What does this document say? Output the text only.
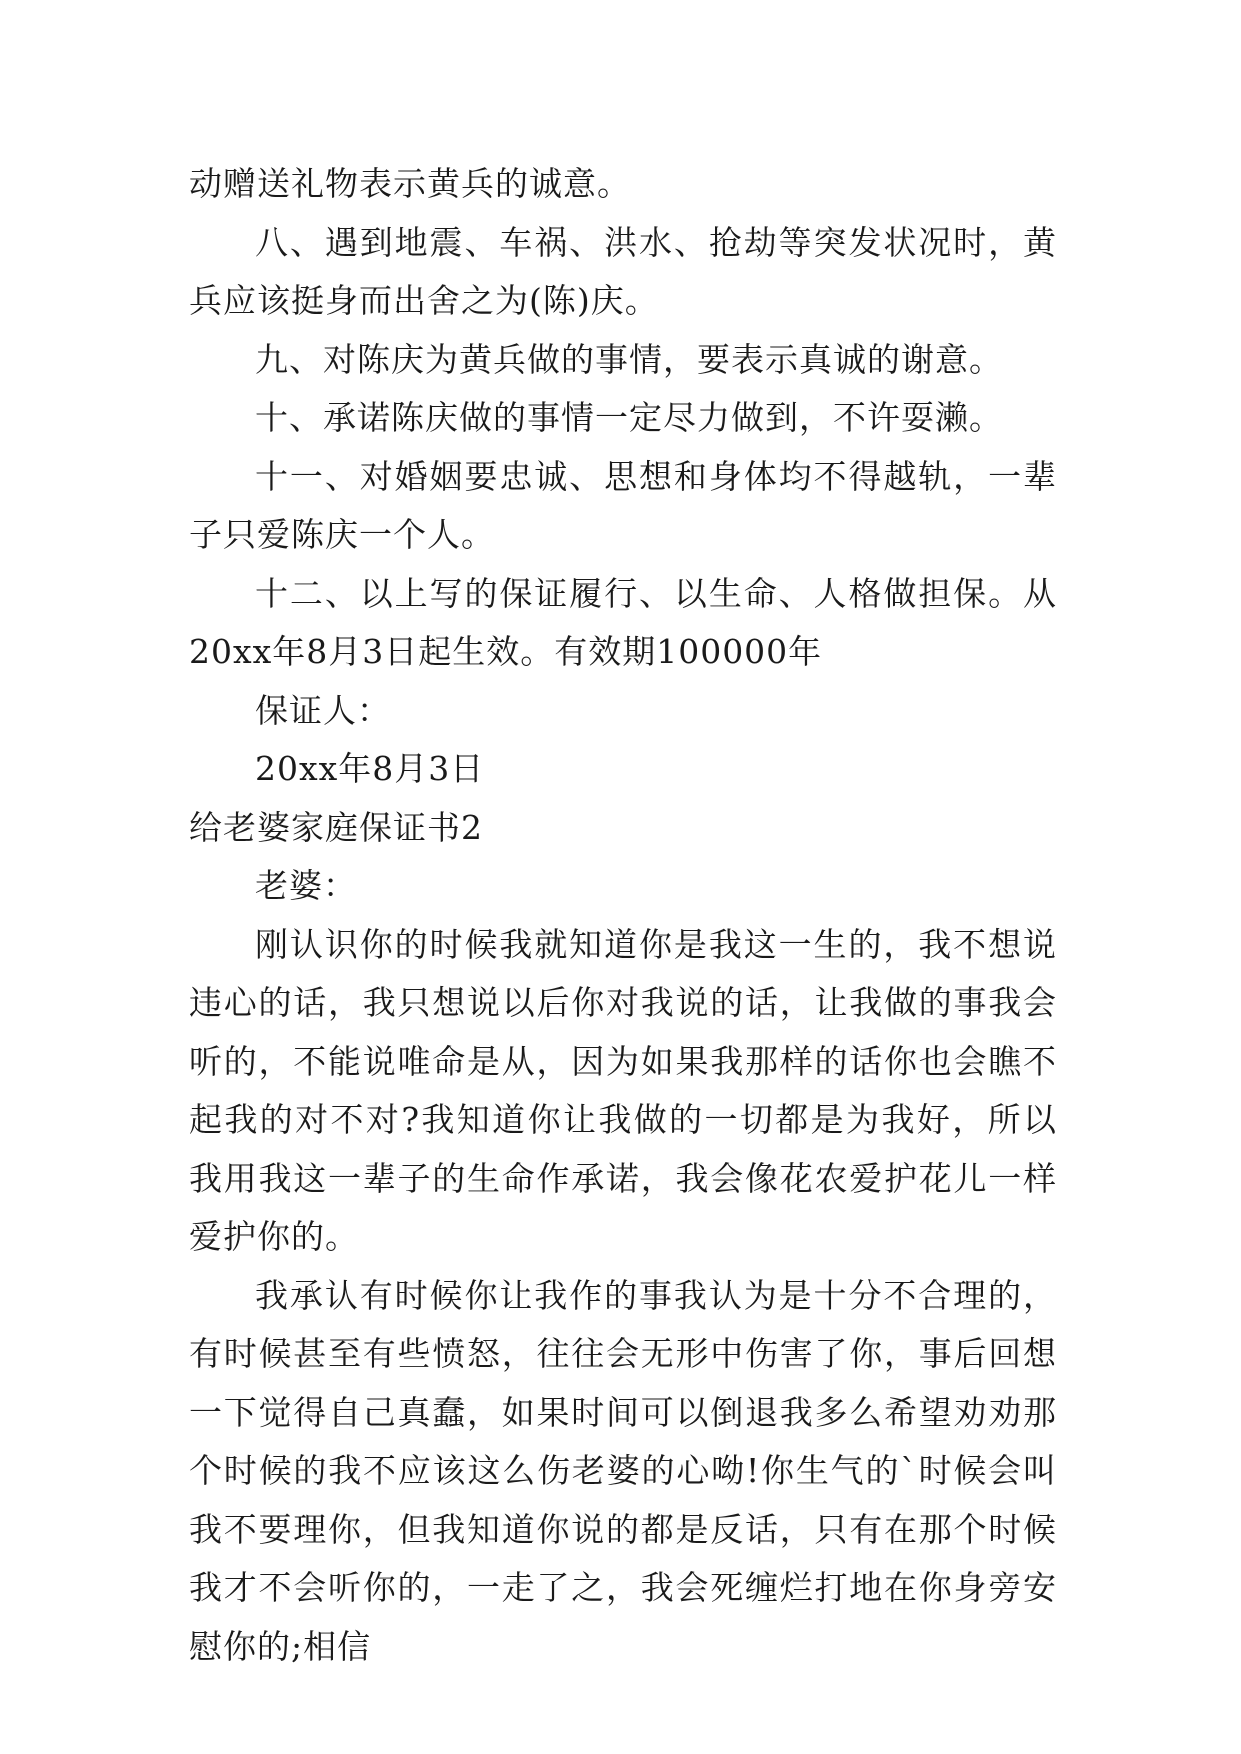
动赠送礼物表示黄兵的诚意。

八、遇到地震、车祸、洪水、抢劫等突发状况时，黄兵应该挺身而出舍之为(陈)庆。

九、对陈庆为黄兵做的事情，要表示真诚的谢意。

十、承诺陈庆做的事情一定尽力做到，不许耍濑。

十一、对婚姻要忠诚、思想和身体均不得越轨，一辈子只爱陈庆一个人。

十二、以上写的保证履行、以生命、人格做担保。从20xx年8月3日起生效。有效期100000年

保证人：

20xx年8月3日

给老婆家庭保证书2

老婆：

刚认识你的时候我就知道你是我这一生的，我不想说违心的话，我只想说以后你对我说的话，让我做的事我会听的，不能说唯命是从，因为如果我那样的话你也会瞧不起我的对不对?我知道你让我做的一切都是为我好，所以我用我这一辈子的生命作承诺，我会像花农爱护花儿一样爱护你的。

我承认有时候你让我作的事我认为是十分不合理的，有时候甚至有些愤怒，往往会无形中伤害了你，事后回想一下觉得自己真蠢，如果时间可以倒退我多么希望劝劝那个时候的我不应该这么伤老婆的心呦!你生气的`时候会叫我不要理你，但我知道你说的都是反话，只有在那个时候我才不会听你的，一走了之，我会死缠烂打地在你身旁安慰你的;相信
